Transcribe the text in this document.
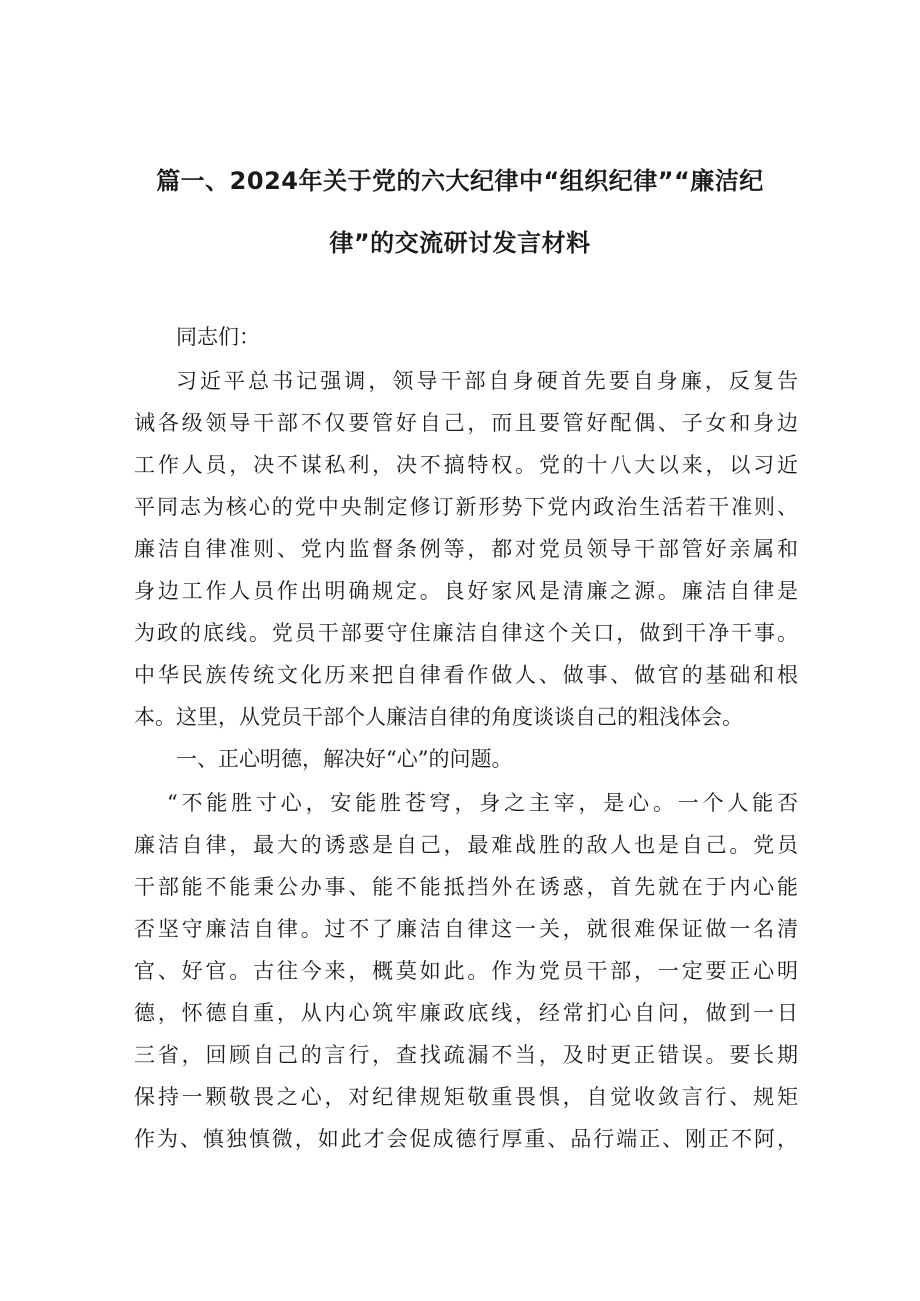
篇一、2024年关于党的六大纪律中“组织纪律”“廉洁纪
律”的交流研讨发言材料
同志们：
习近平总书记强调，领导干部自身硬首先要自身廉，反复告
诫各级领导干部不仅要管好自己，而且要管好配偶、子女和身边
工作人员，决不谋私利，决不搞特权。党的十八大以来，以习近
平同志为核心的党中央制定修订新形势下党内政治生活若干准则、
廉洁自律准则、党内监督条例等，都对党员领导干部管好亲属和
身边工作人员作出明确规定。良好家风是清廉之源。廉洁自律是
为政的底线。党员干部要守住廉洁自律这个关口，做到干净干事。
中华民族传统文化历来把自律看作做人、做事、做官的基础和根
本。这里，从党员干部个人廉洁自律的角度谈谈自己的粗浅体会。
一、正心明德，解决好“心”的问题。
“不能胜寸心，安能胜苍穹，身之主宰，是心。一个人能否
廉洁自律，最大的诱惑是自己，最难战胜的敌人也是自己。党员
干部能不能秉公办事、能不能抵挡外在诱惑，首先就在于内心能
否坚守廉洁自律。过不了廉洁自律这一关，就很难保证做一名清
官、好官。古往今来，概莫如此。作为党员干部，一定要正心明
德，怀德自重，从内心筑牢廉政底线，经常扪心自问，做到一日
三省，回顾自己的言行，查找疏漏不当，及时更正错误。要长期
保持一颗敬畏之心，对纪律规矩敬重畏惧，自觉收敛言行、规矩
作为、慎独慎微，如此才会促成德行厚重、品行端正、刚正不阿，
